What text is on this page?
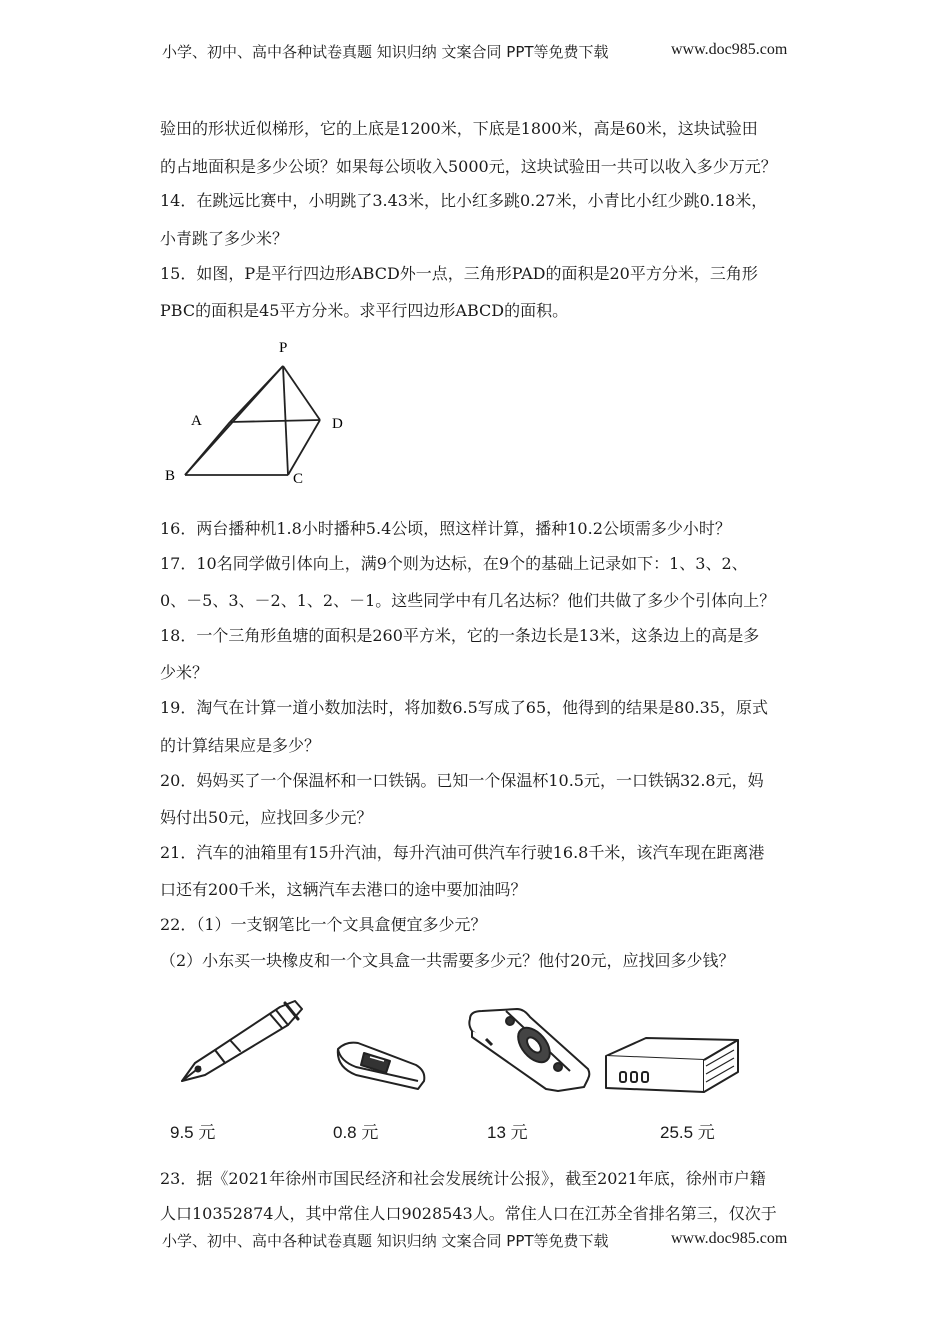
小学、初中、高中各种试卷真题 知识归纳 文案合同 PPT等免费下载	www.doc985.com
验田的形状近似梯形，它的上底是1200米，下底是1800米，高是60米，这块试验田
的占地面积是多少公顷？如果每公顷收入5000元，这块试验田一共可以收入多少万元？
14．在跳远比赛中，小明跳了3.43米，比小红多跳0.27米，小青比小红少跳0.18米，
小青跳了多少米？
15．如图，P是平行四边形ABCD外一点，三角形PAD的面积是20平方分米，三角形
PBC的面积是45平方分米。求平行四边形ABCD的面积。
P
A
B	C
D
16．两台播种机1.8小时播种5.4公顷，照这样计算，播种10.2公顷需多少小时？
17．10名同学做引体向上，满9个则为达标，在9个的基础上记录如下：1、3、2、
0、－5、3、－2、1、2、－1。这些同学中有几名达标？他们共做了多少个引体向上？
18．一个三角形鱼塘的面积是260平方米，它的一条边长是13米，这条边上的高是多
少米？
19．淘气在计算一道小数加法时，将加数6.5写成了65，他得到的结果是80.35，原式
的计算结果应是多少？
20．妈妈买了一个保温杯和一口铁锅。已知一个保温杯10.5元，一口铁锅32.8元，妈
妈付出50元，应找回多少元？
21．汽车的油箱里有15升汽油，每升汽油可供汽车行驶16.8千米，该汽车现在距离港
口还有200千米，这辆汽车去港口的途中要加油吗？
22．（1）一支钢笔比一个文具盒便宜多少元？
（2）小东买一块橡皮和一个文具盒一共需要多少元？他付20元，应找回多少钱？
9.5 元	0.8 元	13 元	25.5 元
23．据《2021年徐州市国民经济和社会发展统计公报》，截至2021年底，徐州市户籍
人口10352874人，其中常住人口9028543人。常住人口在江苏全省排名第三，仅次于
小学、初中、高中各种试卷真题 知识归纳 文案合同 PPT等免费下载	www.doc985.com
